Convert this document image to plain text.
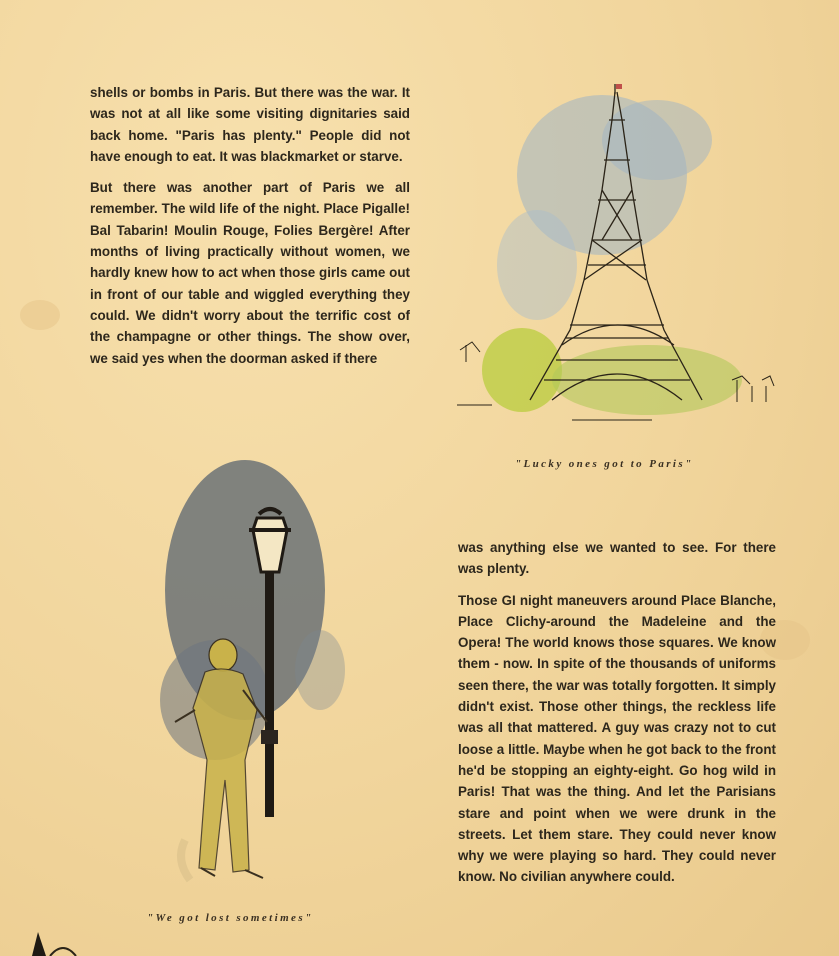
shells or bombs in Paris. But there was the war. It was not at all like some visiting dignitaries said back home. "Paris has plenty." People did not have enough to eat. It was blackmarket or starve.

But there was another part of Paris we all remember. The wild life of the night. Place Pigalle! Bal Tabarin! Moulin Rouge, Folies Bergère! After months of living practically without women, we hardly knew how to act when those girls came out in front of our table and wiggled everything they could. We didn't worry about the terrific cost of the champagne or other things. The show over, we said yes when the doorman asked if there

"Lucky ones got to Paris"
"We got lost sometimes"

was anything else we wanted to see. For there was plenty.

Those GI night maneuvers around Place Blanche, Place Clichy-around the Madeleine and the Opera! The world knows those squares. We know them - now. In spite of the thousands of uniforms seen there, the war was totally forgotten. It simply didn't exist. Those other things, the reckless life was all that mattered. A guy was crazy not to cut loose a little. Maybe when he got back to the front he'd be stopping an eighty-eight. Go hog wild in Paris! That was the thing. And let the Parisians stare and point when we were drunk in the streets. Let them stare. They could never know why we were playing so hard. They could never know. No civilian anywhere could.
